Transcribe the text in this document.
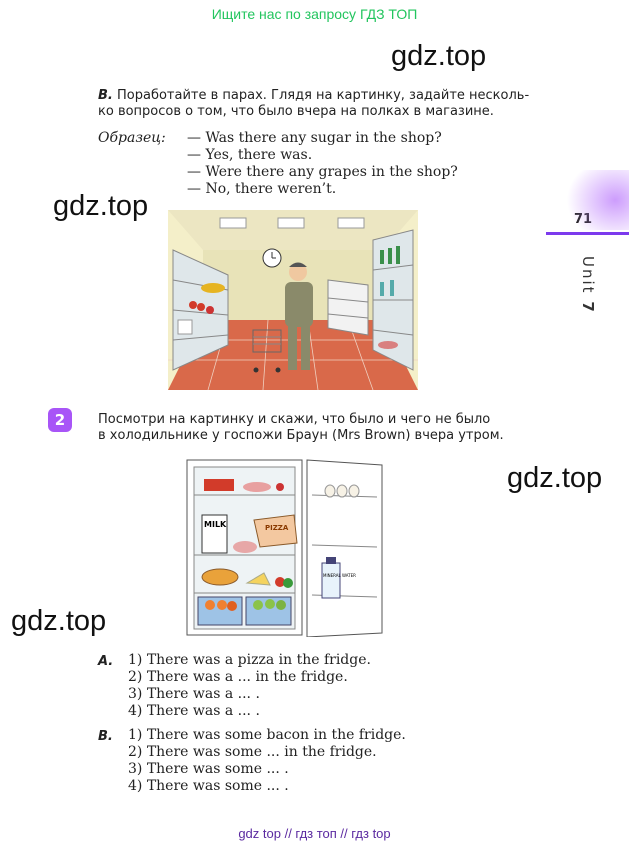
Ищите нас по запросу ГДЗ ТОП
gdz.top
gdz.top
gdz.top
gdz.top
Unit 7
B. Поработайте в парах. Глядя на картинку, задайте несколь-
ко вопросов о том, что было вчера на полках в магазине.
Образец: — Was there any sugar in the shop?
— Yes, there was.
— Were there any grapes in the shop?
— No, there weren’t.
2	Посмотри на картинку и скажи, что было и чего не было
в холодильнике у госпожи Браун (Mrs Brown) вчера утром.
MILK	PIZZA
MINERAL WATER
A. 1) There was a pizza in the fridge.
2) There was a ... in the fridge.
3) There was a ... .
4) There was a ... .
B. 1) There was some bacon in the fridge.
2) There was some ... in the fridge.
3) There was some ... .
4) There was some ... .
gdz top // гдз топ // гдз top
